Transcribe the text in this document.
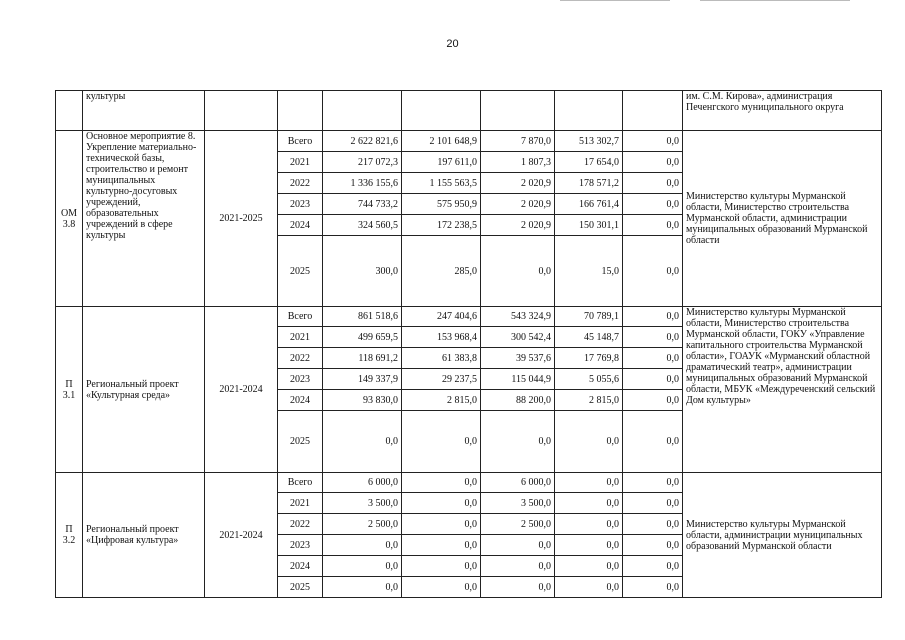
20
	культуры								им. С.М. Кирова», администрация Печенгского муниципального округа
ОМ 3.8	Основное мероприятие 8. Укрепление материально-технической базы, строительство и ремонт муниципальных культурно-досуговых учреждений, образовательных учреждений в сфере культуры	2021-2025	Всего	2 622 821,6	2 101 648,9	7 870,0	513 302,7	0,0	Министерство культуры Мурманской области, Министерство строительства Мурманской области, администрации муниципальных образований Мурманской области
			2021	217 072,3	197 611,0	1 807,3	17 654,0	0,0	
			2022	1 336 155,6	1 155 563,5	2 020,9	178 571,2	0,0	
			2023	744 733,2	575 950,9	2 020,9	166 761,4	0,0	
			2024	324 560,5	172 238,5	2 020,9	150 301,1	0,0	
			2025	300,0	285,0	0,0	15,0	0,0	
П 3.1	Региональный проект «Культурная среда»	2021-2024	Всего	861 518,6	247 404,6	543 324,9	70 789,1	0,0	Министерство культуры Мурманской области, Министерство строительства Мурманской области, ГОКУ «Управление капитального строительства Мурманской области», ГОАУК «Мурманский областной драматический театр», администрации муниципальных образований Мурманской области, МБУК «Междуреченский сельский Дом культуры»
			2021	499 659,5	153 968,4	300 542,4	45 148,7	0,0	
			2022	118 691,2	61 383,8	39 537,6	17 769,8	0,0	
			2023	149 337,9	29 237,5	115 044,9	5 055,6	0,0	
			2024	93 830,0	2 815,0	88 200,0	2 815,0	0,0	
			2025	0,0	0,0	0,0	0,0	0,0	
П 3.2	Региональный проект «Цифровая культура»	2021-2024	Всего	6 000,0	0,0	6 000,0	0,0	0,0	Министерство культуры Мурманской области, администрации муниципальных образований Мурманской области
			2021	3 500,0	0,0	3 500,0	0,0	0,0	
			2022	2 500,0	0,0	2 500,0	0,0	0,0	
			2023	0,0	0,0	0,0	0,0	0,0	
			2024	0,0	0,0	0,0	0,0	0,0	
			2025	0,0	0,0	0,0	0,0	0,0	
